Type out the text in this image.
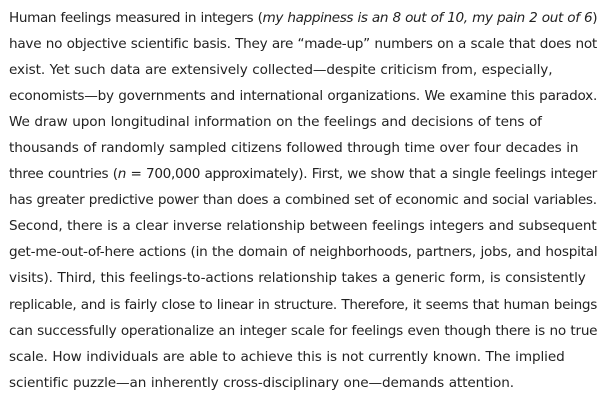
Human feelings measured in integers (my happiness is an 8 out of 10, my pain 2 out of 6)
have no objective scientific basis. They are “made-up” numbers on a scale that does not
exist. Yet such data are extensively collected—despite criticism from, especially,
economists—by governments and international organizations. We examine this paradox.
We draw upon longitudinal information on the feelings and decisions of tens of
thousands of randomly sampled citizens followed through time over four decades in
three countries (n = 700,000 approximately). First, we show that a single feelings integer
has greater predictive power than does a combined set of economic and social variables.
Second, there is a clear inverse relationship between feelings integers and subsequent
get-me-out-of-here actions (in the domain of neighborhoods, partners, jobs, and hospital
visits). Third, this feelings-to-actions relationship takes a generic form, is consistently
replicable, and is fairly close to linear in structure. Therefore, it seems that human beings
can successfully operationalize an integer scale for feelings even though there is no true
scale. How individuals are able to achieve this is not currently known. The implied
scientific puzzle—an inherently cross-disciplinary one—demands attention.
